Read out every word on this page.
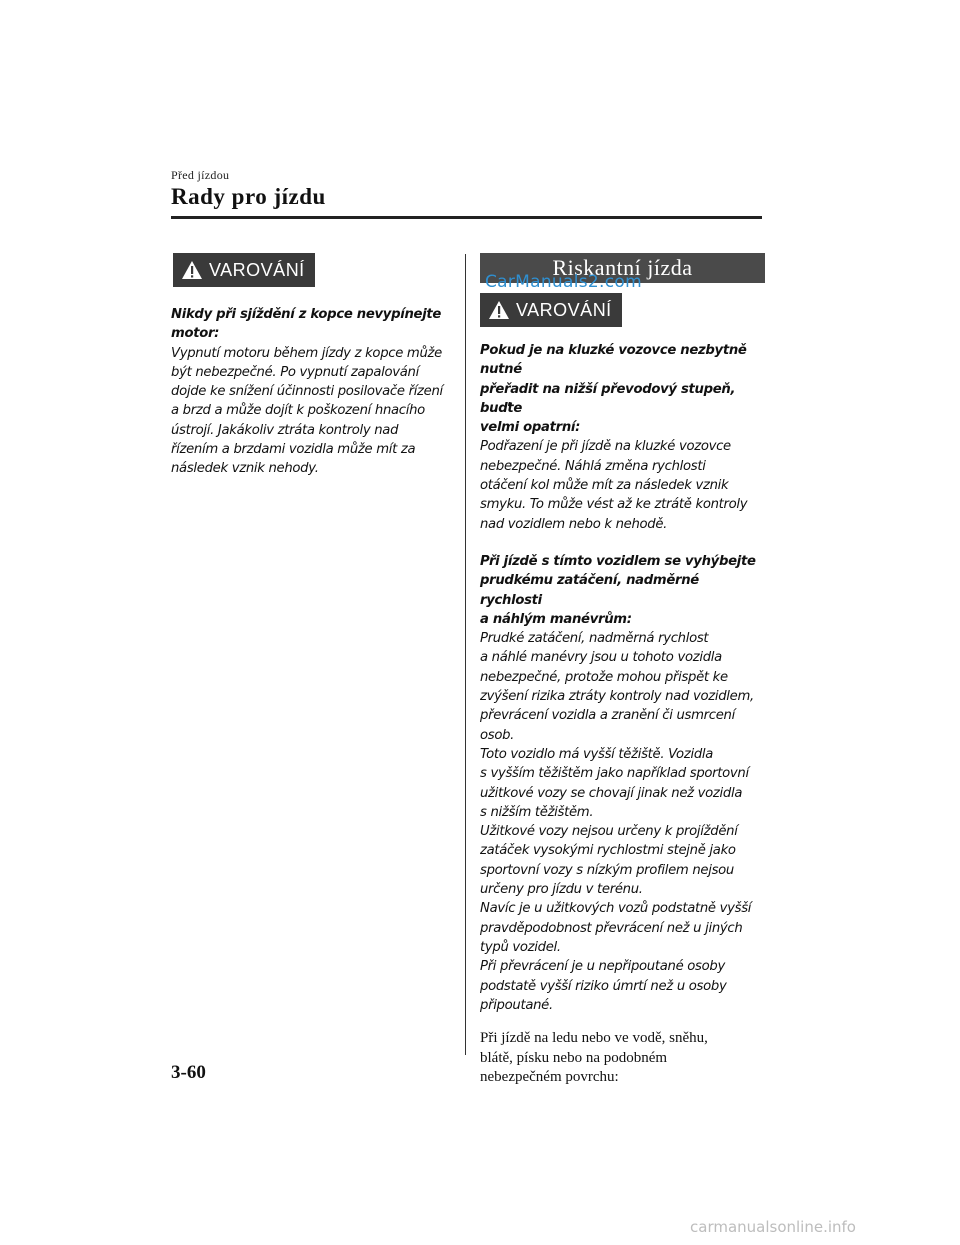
Před jízdou
Rady pro jízdu
VAROVÁNÍ

Nikdy při sjíždění z kopce nevypínejte
motor:

Vypnutí motoru během jízdy z kopce může
být nebezpečné. Po vypnutí zapalování
dojde ke snížení účinnosti posilovače řízení
a brzd a může dojít k poškození hnacího
ústrojí. Jakákoliv ztráta kontroly nad
řízením a brzdami vozidla může mít za
následek vznik nehody.

Riskantní jízda
VAROVÁNÍ

Pokud je na kluzké vozovce nezbytně nutné
přeřadit na nižší převodový stupeň, buďte
velmi opatrní:

Podřazení je při jízdě na kluzké vozovce
nebezpečné. Náhlá změna rychlosti
otáčení kol může mít za následek vznik
smyku. To může vést až ke ztrátě kontroly
nad vozidlem nebo k nehodě.

Při jízdě s tímto vozidlem se vyhýbejte
prudkému zatáčení, nadměrné rychlosti
a náhlým manévrům:

Prudké zatáčení, nadměrná rychlost
a náhlé manévry jsou u tohoto vozidla
nebezpečné, protože mohou přispět ke
zvýšení rizika ztráty kontroly nad vozidlem,
převrácení vozidla a zranění či usmrcení
osob.
Toto vozidlo má vyšší těžiště. Vozidla
s vyšším těžištěm jako například sportovní
užitkové vozy se chovají jinak než vozidla
s nižším těžištěm.
Užitkové vozy nejsou určeny k projíždění
zatáček vysokými rychlostmi stejně jako
sportovní vozy s nízkým profilem nejsou
určeny pro jízdu v terénu.
Navíc je u užitkových vozů podstatně vyšší
pravděpodobnost převrácení než u jiných
typů vozidel.
Při převrácení je u nepřipoutané osoby
podstatě vyšší riziko úmrtí než u osoby
připoutané.

Při jízdě na ledu nebo ve vodě, sněhu,
blátě, písku nebo na podobném
nebezpečném povrchu:

CarManuals2.com
3-60
carmanualsonline.info
